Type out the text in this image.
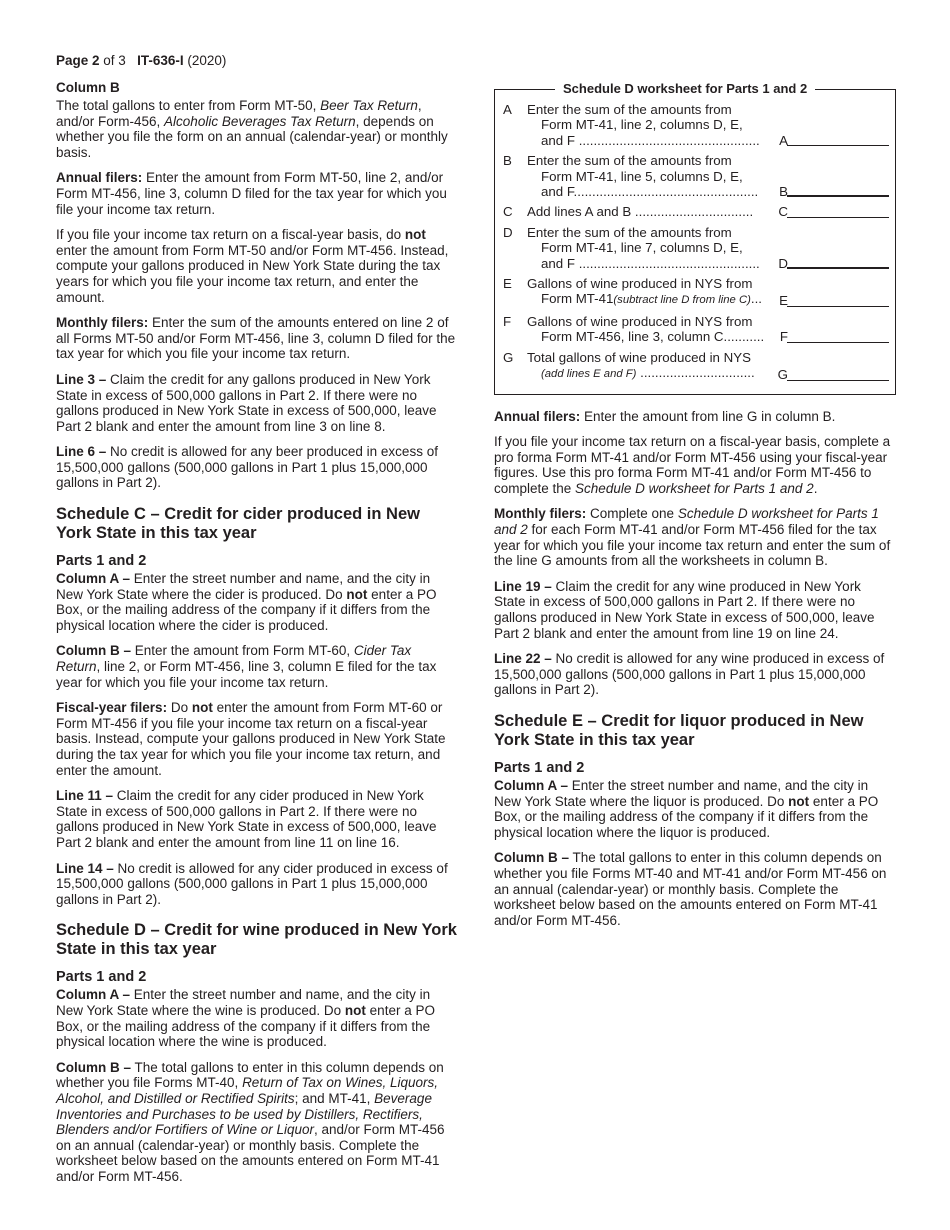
Page 2 of 3 IT-636-I (2020)
Column B

The total gallons to enter from Form MT-50, Beer Tax Return, and/or Form-456, Alcoholic Beverages Tax Return, depends on whether you file the form on an annual (calendar-year) or monthly basis.

Annual filers: Enter the amount from Form MT-50, line 2, and/or Form MT-456, line 3, column D filed for the tax year for which you file your income tax return.

If you file your income tax return on a fiscal-year basis, do not enter the amount from Form MT-50 and/or Form MT-456. Instead, compute your gallons produced in New York State during the tax years for which you file your income tax return, and enter the amount.

Monthly filers: Enter the sum of the amounts entered on line 2 of all Forms MT-50 and/or Form MT-456, line 3, column D filed for the tax year for which you file your income tax return.

Line 3 – Claim the credit for any gallons produced in New York State in excess of 500,000 gallons in Part 2. If there were no gallons produced in New York State in excess of 500,000, leave Part 2 blank and enter the amount from line 3 on line 8.

Line 6 – No credit is allowed for any beer produced in excess of 15,500,000 gallons (500,000 gallons in Part 1 plus 15,000,000 gallons in Part 2).

Schedule C – Credit for cider produced in New York State in this tax year
Parts 1 and 2

Column A – Enter the street number and name, and the city in New York State where the cider is produced. Do not enter a PO Box, or the mailing address of the company if it differs from the physical location where the cider is produced.

Column B – Enter the amount from Form MT-60, Cider Tax Return, line 2, or Form MT-456, line 3, column E filed for the tax year for which you file your income tax return.

Fiscal-year filers: Do not enter the amount from Form MT-60 or Form MT-456 if you file your income tax return on a fiscal-year basis. Instead, compute your gallons produced in New York State during the tax year for which you file your income tax return, and enter the amount.

Line 11 – Claim the credit for any cider produced in New York State in excess of 500,000 gallons in Part 2. If there were no gallons produced in New York State in excess of 500,000, leave Part 2 blank and enter the amount from line 11 on line 16.

Line 14 – No credit is allowed for any cider produced in excess of 15,500,000 gallons (500,000 gallons in Part 1 plus 15,000,000 gallons in Part 2).

Schedule D – Credit for wine produced in New York State in this tax year
Parts 1 and 2

Column A – Enter the street number and name, and the city in New York State where the wine is produced. Do not enter a PO Box, or the mailing address of the company if it differs from the physical location where the wine is produced.

Column B – The total gallons to enter in this column depends on whether you file Forms MT-40, Return of Tax on Wines, Liquors, Alcohol, and Distilled or Rectified Spirits; and MT-41, Beverage Inventories and Purchases to be used by Distillers, Rectifiers, Blenders and/or Fortifiers of Wine or Liquor, and/or Form MT-456 on an annual (calendar-year) or monthly basis. Complete the worksheet below based on the amounts entered on Form MT-41 and/or Form MT-456.

Schedule D worksheet for Parts 1 and 2
A Enter the sum of the amounts from
Form MT-41, line 2, columns D, E,
and F .................................................	A
B Enter the sum of the amounts from
Form MT-41, line 5, columns D, E,
and F..................................................	B
C Add lines A and B ................................	C
D Enter the sum of the amounts from
Form MT-41, line 7, columns D, E,
and F .................................................	D
E Gallons of wine produced in NYS from
Form MT-41(subtract line D from line C)...	E
F Gallons of wine produced in NYS from
Form MT-456, line 3, column C...........	F
G Total gallons of wine produced in NYS
(add lines E and F) ...............................	G

Annual filers: Enter the amount from line G in column B.

If you file your income tax return on a fiscal-year basis, complete a pro forma Form MT-41 and/or Form MT-456 using your fiscal-year figures. Use this pro forma Form MT-41 and/or Form MT-456 to complete the Schedule D worksheet for Parts 1 and 2.

Monthly filers: Complete one Schedule D worksheet for Parts 1 and 2 for each Form MT-41 and/or Form MT-456 filed for the tax year for which you file your income tax return and enter the sum of the line G amounts from all the worksheets in column B.

Line 19 – Claim the credit for any wine produced in New York State in excess of 500,000 gallons in Part 2. If there were no gallons produced in New York State in excess of 500,000, leave Part 2 blank and enter the amount from line 19 on line 24.

Line 22 – No credit is allowed for any wine produced in excess of 15,500,000 gallons (500,000 gallons in Part 1 plus 15,000,000 gallons in Part 2).

Schedule E – Credit for liquor produced in New York State in this tax year
Parts 1 and 2

Column A – Enter the street number and name, and the city in New York State where the liquor is produced. Do not enter a PO Box, or the mailing address of the company if it differs from the physical location where the liquor is produced.

Column B – The total gallons to enter in this column depends on whether you file Forms MT-40 and MT-41 and/or Form MT-456 on an annual (calendar-year) or monthly basis. Complete the worksheet below based on the amounts entered on Form MT-41 and/or Form MT-456.
